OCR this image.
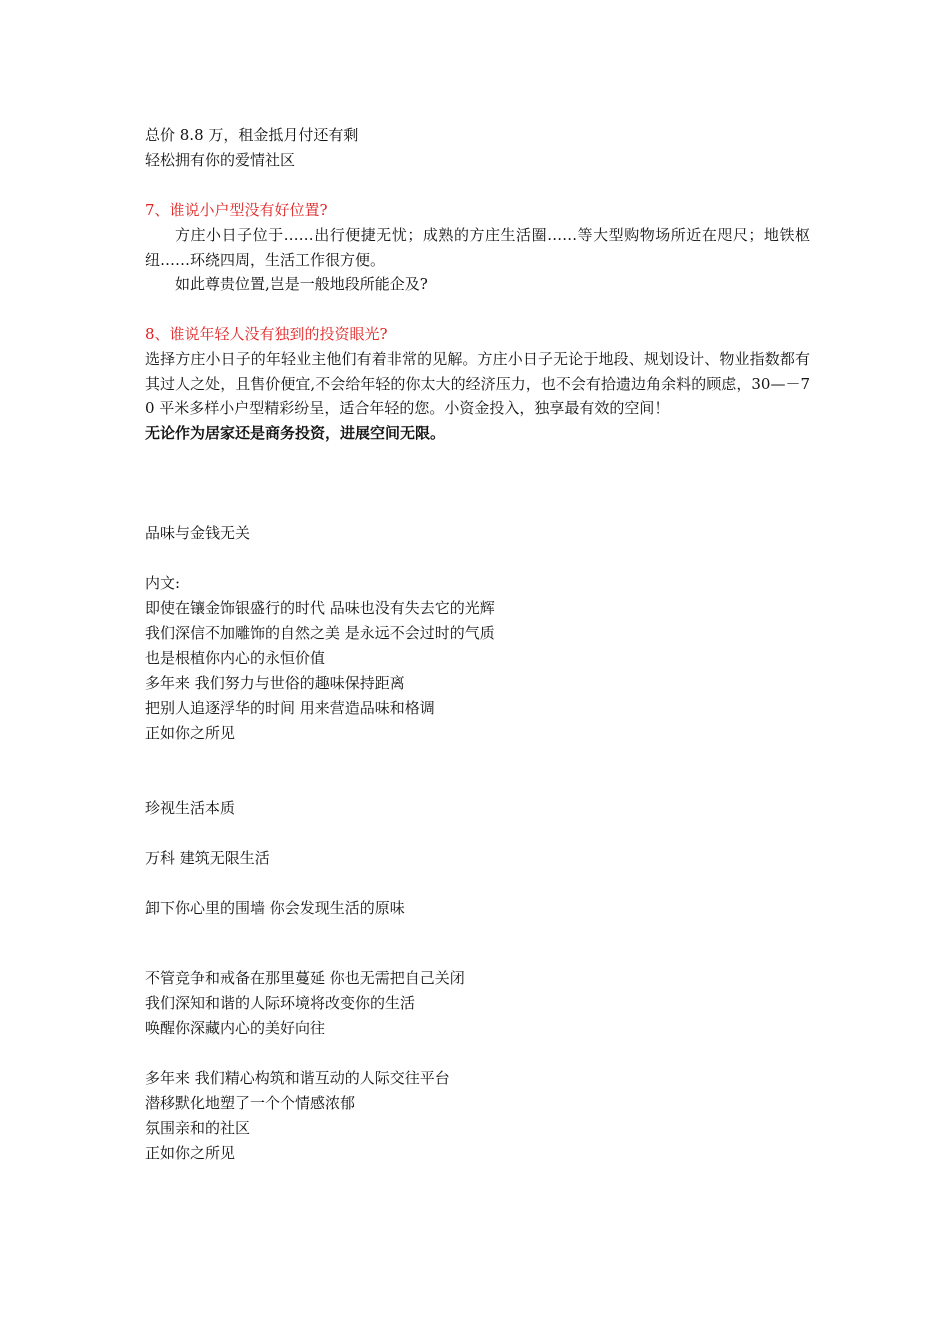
总价 8.8 万，租金抵月付还有剩
轻松拥有你的爱情社区
7、谁说小户型没有好位置?
方庄小日子位于……出行便捷无忧；成熟的方庄生活圈……等大型购物场所近在咫尺；地铁枢纽……环绕四周，生活工作很方便。
如此尊贵位置,岂是一般地段所能企及?
8、谁说年轻人没有独到的投资眼光?
选择方庄小日子的年轻业主他们有着非常的见解。方庄小日子无论于地段、规划设计、物业指数都有其过人之处，且售价便宜,不会给年轻的你太大的经济压力，也不会有拾遗边角余料的顾虑，30—－70 平米多样小户型精彩纷呈，适合年轻的您。小资金投入，独享最有效的空间！
无论作为居家还是商务投资，进展空间无限。
品味与金钱无关
内文:
即使在镶金饰银盛行的时代 品味也没有失去它的光辉
我们深信不加雕饰的自然之美 是永远不会过时的气质
也是根植你内心的永恒价值
多年来 我们努力与世俗的趣味保持距离
把别人追逐浮华的时间 用来营造品味和格调
正如你之所见
珍视生活本质
万科 建筑无限生活
卸下你心里的围墙 你会发现生活的原味
不管竞争和戒备在那里蔓延 你也无需把自己关闭
我们深知和谐的人际环境将改变你的生活
唤醒你深藏内心的美好向往
多年来 我们精心构筑和谐互动的人际交往平台
潜移默化地塑了一个个情感浓郁
氛围亲和的社区
正如你之所见
